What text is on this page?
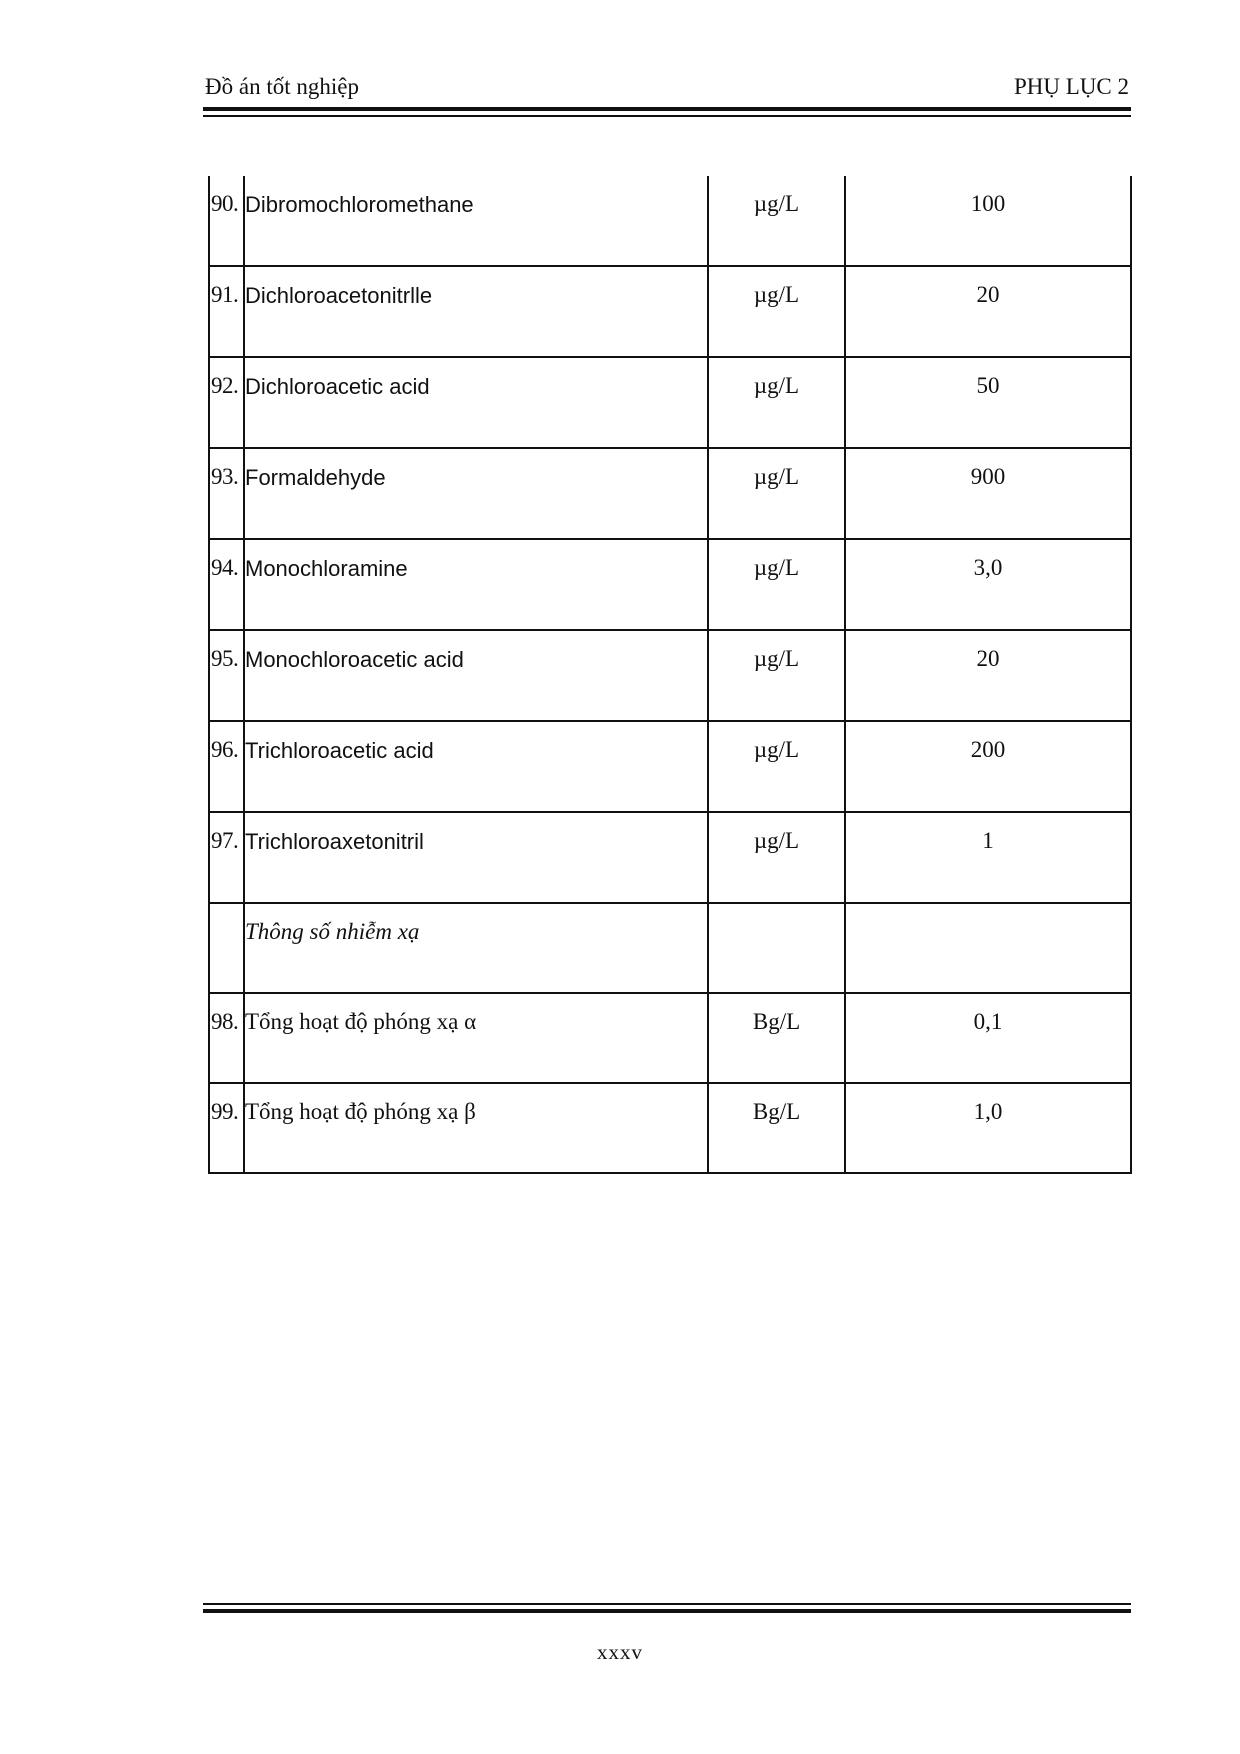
Đồ án tốt nghiệp	PHỤ LỤC 2
90.	Dibromochloromethane	µg/L	100
91.	Dichloroacetonitrlle	µg/L	20
92.	Dichloroacetic acid	µg/L	50
93.	Formaldehyde	µg/L	900
94.	Monochloramine	µg/L	3,0
95.	Monochloroacetic acid	µg/L	20
96.	Trichloroacetic acid	µg/L	200
97.	Trichloroaxetonitril	µg/L	1
	Thông số nhiễm xạ		
98.	Tổng hoạt độ phóng xạ α	Bg/L	0,1
99.	Tổng hoạt độ phóng xạ β	Bg/L	1,0
xxxv
